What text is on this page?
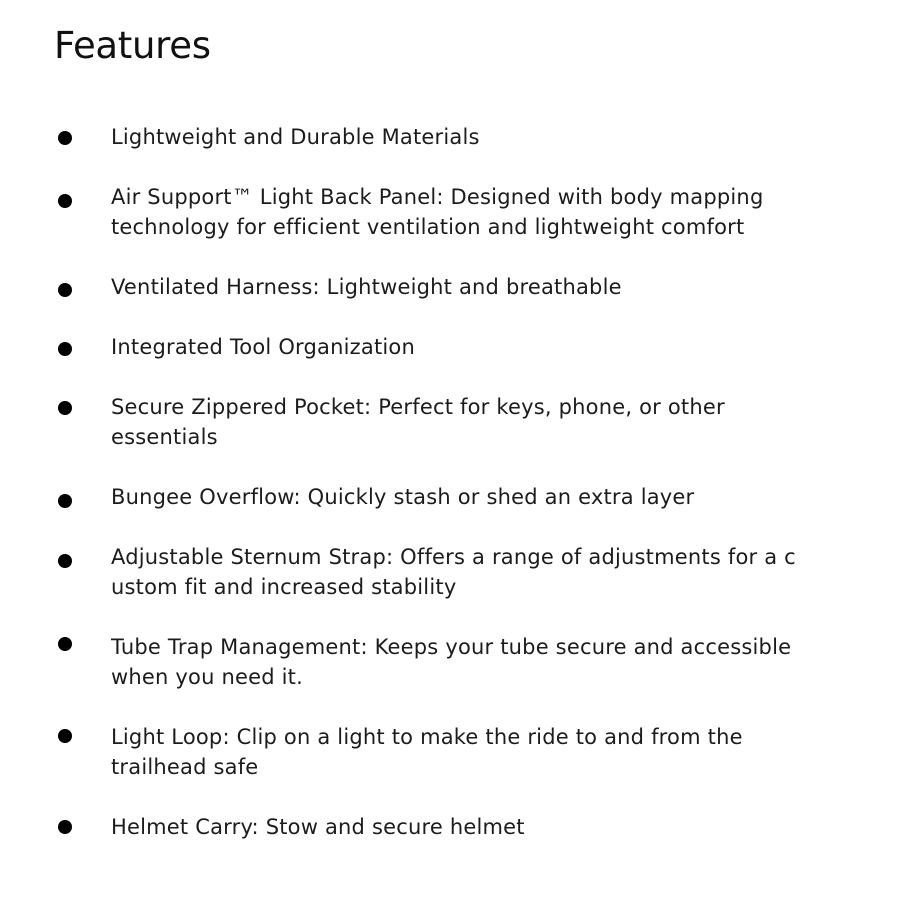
Features
Lightweight and Durable Materials
Air Support™ Light Back Panel: Designed with body mapping
technology for efficient ventilation and lightweight comfort
Ventilated Harness: Lightweight and breathable
Integrated Tool Organization
Secure Zippered Pocket: Perfect for keys, phone, or other
essentials
Bungee Overflow: Quickly stash or shed an extra layer
Adjustable Sternum Strap: Offers a range of adjustments for a c
ustom fit and increased stability
Tube Trap Management: Keeps your tube secure and accessible
when you need it.
Light Loop: Clip on a light to make the ride to and from the
trailhead safe
Helmet Carry: Stow and secure helmet
